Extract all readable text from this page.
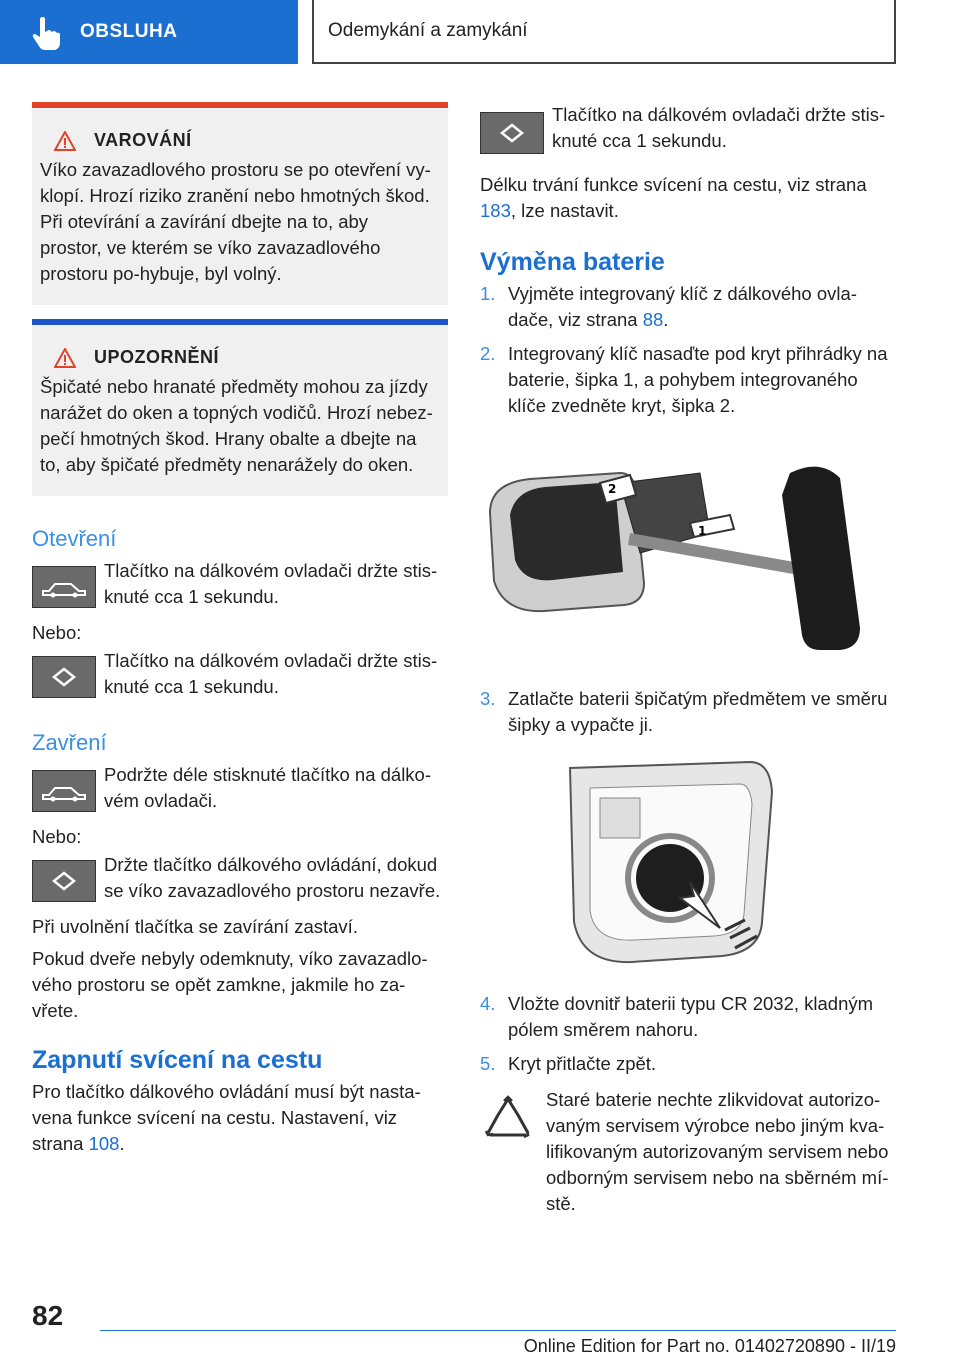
OBSLUHA	Odemykání a zamykání
VAROVÁNÍ

Víko zavazadlového prostoru se po otevření vy-klopí. Hrozí riziko zranění nebo hmotných škod. Při otevírání a zavírání dbejte na to, aby prostor, ve kterém se víko zavazadlového prostoru po-hybuje, byl volný.

UPOZORNĚNÍ

Špičaté nebo hranaté předměty mohou za jízdy narážet do oken a topných vodičů. Hrozí nebez-pečí hmotných škod. Hrany obalte a dbejte na to, aby špičaté předměty nenarážely do oken.

Otevření

Tlačítko na dálkovém ovladači držte stis-knuté cca 1 sekundu.

Nebo:

Tlačítko na dálkovém ovladači držte stis-knuté cca 1 sekundu.

Zavření

Podržte déle stisknuté tlačítko na dálko-vém ovladači.

Nebo:

Držte tlačítko dálkového ovládání, dokud se víko zavazadlového prostoru nezavře.

Při uvolnění tlačítka se zavírání zastaví.

Pokud dveře nebyly odemknuty, víko zavazadlo-vého prostoru se opět zamkne, jakmile ho za-vřete.

Zapnutí svícení na cestu

Pro tlačítko dálkového ovládání musí být nasta-vena funkce svícení na cestu. Nastavení, viz strana 108.

Tlačítko na dálkovém ovladači držte stis-knuté cca 1 sekundu.

Délku trvání funkce svícení na cestu, viz strana 183, lze nastavit.

Výměna baterie
1. Vyjměte integrovaný klíč z dálkového ovla-dače, viz strana 88.
2. Integrovaný klíč nasaďte pod kryt přihrádky na baterie, šipka 1, a pohybem integrovaného klíče zvedněte kryt, šipka 2.
2
1
3. Zatlačte baterii špičatým předmětem ve směru šipky a vypačte ji.
4. Vložte dovnitř baterii typu CR 2032, kladným pólem směrem nahoru.
5. Kryt přitlačte zpět.

Staré baterie nechte zlikvidovat autorizo-vaným servisem výrobce nebo jiným kva-lifikovaným autorizovaným servisem nebo odborným servisem nebo na sběrném mí-stě.

82
Online Edition for Part no. 01402720890 - II/19
